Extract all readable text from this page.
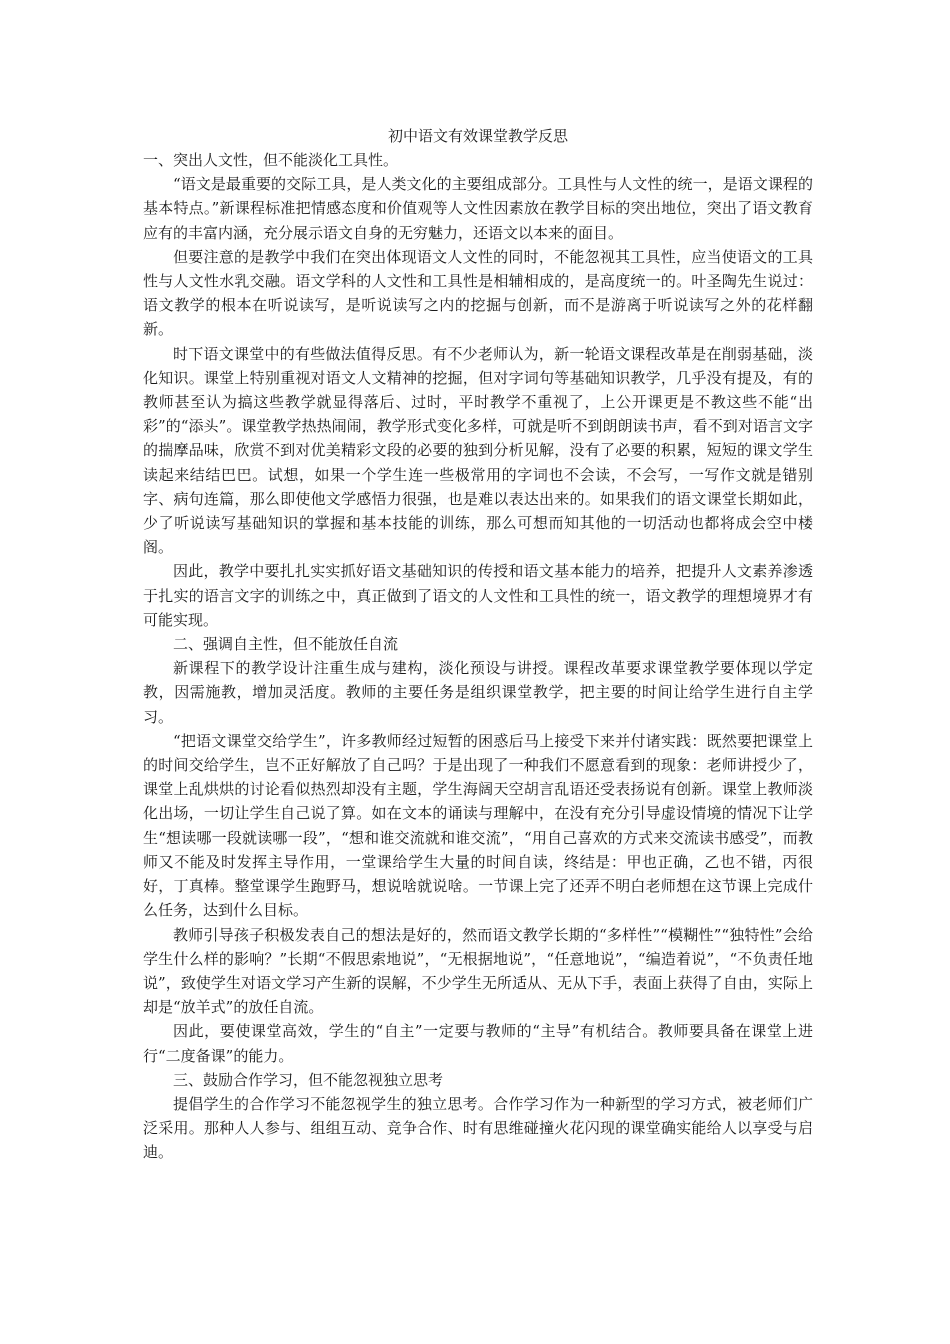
初中语文有效课堂教学反思

一、突出人文性，但不能淡化工具性。

“语文是最重要的交际工具，是人类文化的主要组成部分。工具性与人文性的统一，是语文课程的基本特点。”新课程标准把情感态度和价值观等人文性因素放在教学目标的突出地位，突出了语文教育应有的丰富内涵，充分展示语文自身的无穷魅力，还语文以本来的面目。

但要注意的是教学中我们在突出体现语文人文性的同时，不能忽视其工具性，应当使语文的工具性与人文性水乳交融。语文学科的人文性和工具性是相辅相成的，是高度统一的。叶圣陶先生说过：语文教学的根本在听说读写，是听说读写之内的挖掘与创新，而不是游离于听说读写之外的花样翻新。

时下语文课堂中的有些做法值得反思。有不少老师认为，新一轮语文课程改革是在削弱基础，淡化知识。课堂上特别重视对语文人文精神的挖掘，但对字词句等基础知识教学，几乎没有提及，有的教师甚至认为搞这些教学就显得落后、过时，平时教学不重视了，上公开课更是不教这些不能“出彩”的“添头”。课堂教学热热闹闹，教学形式变化多样，可就是听不到朗朗读书声，看不到对语言文字的揣摩品味，欣赏不到对优美精彩文段的必要的独到分析见解，没有了必要的积累，短短的课文学生读起来结结巴巴。试想，如果一个学生连一些极常用的字词也不会读，不会写，一写作文就是错别字、病句连篇，那么即使他文学感悟力很强，也是难以表达出来的。如果我们的语文课堂长期如此，少了听说读写基础知识的掌握和基本技能的训练，那么可想而知其他的一切活动也都将成会空中楼阁。

因此，教学中要扎扎实实抓好语文基础知识的传授和语文基本能力的培养，把提升人文素养渗透于扎实的语言文字的训练之中，真正做到了语文的人文性和工具性的统一，语文教学的理想境界才有可能实现。

二、强调自主性，但不能放任自流

新课程下的教学设计注重生成与建构，淡化预设与讲授。课程改革要求课堂教学要体现以学定教，因需施教，增加灵活度。教师的主要任务是组织课堂教学，把主要的时间让给学生进行自主学习。

“把语文课堂交给学生”，许多教师经过短暂的困惑后马上接受下来并付诸实践：既然要把课堂上的时间交给学生，岂不正好解放了自己吗？于是出现了一种我们不愿意看到的现象：老师讲授少了，课堂上乱烘烘的讨论看似热烈却没有主题，学生海阔天空胡言乱语还受表扬说有创新。课堂上教师淡化出场，一切让学生自己说了算。如在文本的诵读与理解中，在没有充分引导虚设情境的情况下让学生“想读哪一段就读哪一段”，“想和谁交流就和谁交流”，“用自己喜欢的方式来交流读书感受”，而教师又不能及时发挥主导作用，一堂课给学生大量的时间自读，终结是：甲也正确，乙也不错，丙很好，丁真棒。整堂课学生跑野马，想说啥就说啥。一节课上完了还弄不明白老师想在这节课上完成什么任务，达到什么目标。

教师引导孩子积极发表自己的想法是好的，然而语文教学长期的“多样性”“模糊性”“独特性”会给学生什么样的影响？”长期“不假思索地说”，“无根据地说”，“任意地说”，“编造着说”，“不负责任地说”，致使学生对语文学习产生新的误解，不少学生无所适从、无从下手，表面上获得了自由，实际上却是“放羊式”的放任自流。

因此，要使课堂高效，学生的“自主”一定要与教师的“主导”有机结合。教师要具备在课堂上进行“二度备课”的能力。

三、鼓励合作学习，但不能忽视独立思考

提倡学生的合作学习不能忽视学生的独立思考。合作学习作为一种新型的学习方式，被老师们广泛采用。那种人人参与、组组互动、竞争合作、时有思维碰撞火花闪现的课堂确实能给人以享受与启迪。
